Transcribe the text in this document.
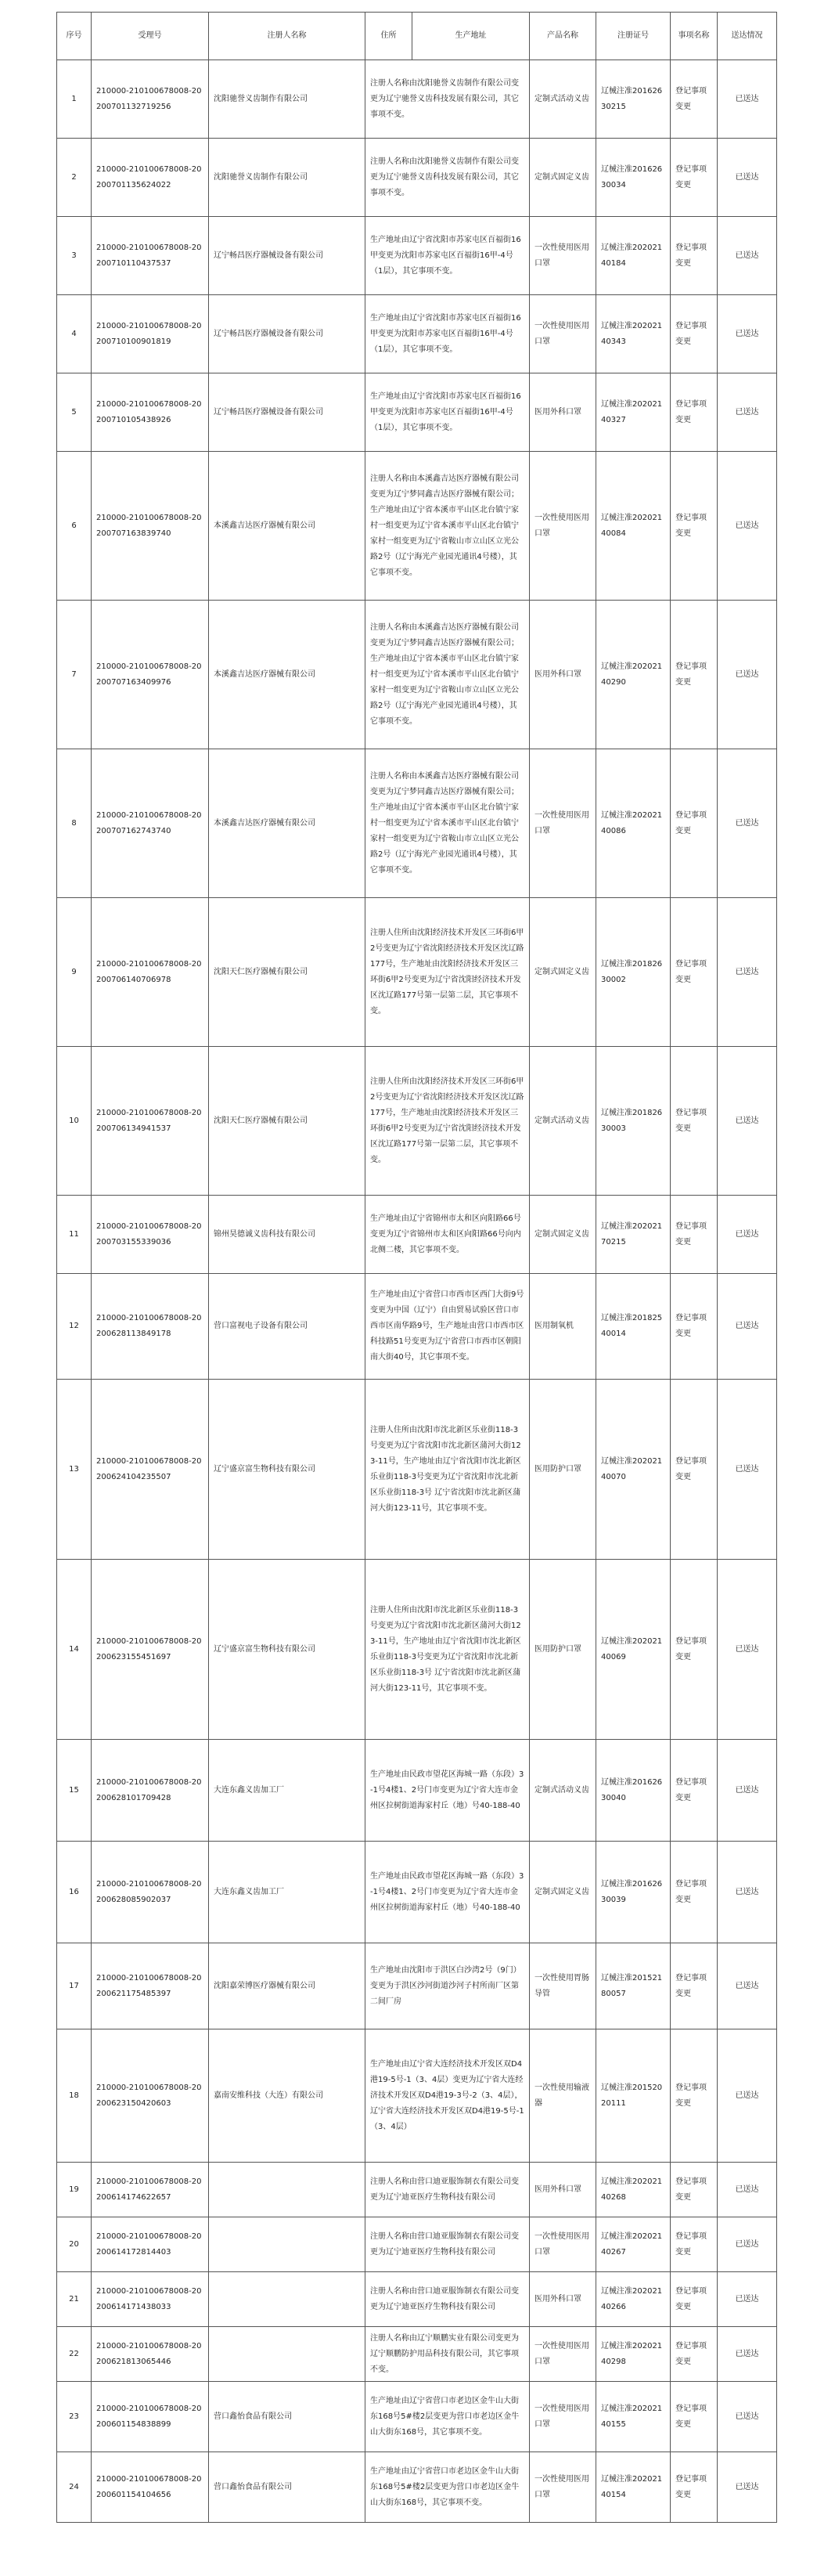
序号	受理号	注册人名称	住所	生产地址	产品名称	注册证号	事项名称	送达情况
1	210000-210100678008-20200701132719256	沈阳驰誉义齿制作有限公司	注册人名称由沈阳驰誉义齿制作有限公司变更为辽宁驰誉义齿科技发展有限公司，其它事项不变。		定制式活动义齿	辽械注准20162630215	登记事项变更	已送达
2	210000-210100678008-20200701135624022	沈阳驰誉义齿制作有限公司	注册人名称由沈阳驰誉义齿制作有限公司变更为辽宁驰誉义齿科技发展有限公司，其它事项不变。		定制式固定义齿	辽械注准20162630034	登记事项变更	已送达
3	210000-210100678008-20200710110437537	辽宁畅昌医疗器械设备有限公司	生产地址由辽宁省沈阳市苏家屯区百福街16甲变更为沈阳市苏家屯区百福街16甲-4号（1层），其它事项不变。		一次性使用医用口罩	辽械注准20202140184	登记事项变更	已送达
4	210000-210100678008-20200710100901819	辽宁畅昌医疗器械设备有限公司	生产地址由辽宁省沈阳市苏家屯区百福街16甲变更为沈阳市苏家屯区百福街16甲-4号（1层），其它事项不变。		一次性使用医用口罩	辽械注准20202140343	登记事项变更	已送达
5	210000-210100678008-20200710105438926	辽宁畅昌医疗器械设备有限公司	生产地址由辽宁省沈阳市苏家屯区百福街16甲变更为沈阳市苏家屯区百福街16甲-4号（1层），其它事项不变。		医用外科口罩	辽械注准20202140327	登记事项变更	已送达
6	210000-210100678008-20200707163839740	本溪鑫吉达医疗器械有限公司	注册人名称由本溪鑫吉达医疗器械有限公司变更为辽宁梦同鑫吉达医疗器械有限公司；生产地址由辽宁省本溪市平山区北台镇宁家村一组变更为辽宁省本溪市平山区北台镇宁家村一组变更为辽宁省鞍山市立山区立光公路2号（辽宁海光产业园光通讯4号楼），其它事项不变。		一次性使用医用口罩	辽械注准20202140084	登记事项变更	已送达
7	210000-210100678008-20200707163409976	本溪鑫吉达医疗器械有限公司	注册人名称由本溪鑫吉达医疗器械有限公司变更为辽宁梦同鑫吉达医疗器械有限公司；生产地址由辽宁省本溪市平山区北台镇宁家村一组变更为辽宁省本溪市平山区北台镇宁家村一组变更为辽宁省鞍山市立山区立光公路2号（辽宁海光产业园光通讯4号楼），其它事项不变。		医用外科口罩	辽械注准20202140290	登记事项变更	已送达
8	210000-210100678008-20200707162743740	本溪鑫吉达医疗器械有限公司	注册人名称由本溪鑫吉达医疗器械有限公司变更为辽宁梦同鑫吉达医疗器械有限公司；生产地址由辽宁省本溪市平山区北台镇宁家村一组变更为辽宁省本溪市平山区北台镇宁家村一组变更为辽宁省鞍山市立山区立光公路2号（辽宁海光产业园光通讯4号楼），其它事项不变。		一次性使用医用口罩	辽械注准20202140086	登记事项变更	已送达
9	210000-210100678008-20200706140706978	沈阳天仁医疗器械有限公司	注册人住所由沈阳经济技术开发区三环街6甲2号变更为辽宁省沈阳经济技术开发区沈辽路177号，生产地址由沈阳经济技术开发区三环街6甲2号变更为辽宁省沈阳经济技术开发区沈辽路177号第一层第二层，其它事项不变。		定制式固定义齿	辽械注准20182630002	登记事项变更	已送达
10	210000-210100678008-20200706134941537	沈阳天仁医疗器械有限公司	注册人住所由沈阳经济技术开发区三环街6甲2号变更为辽宁省沈阳经济技术开发区沈辽路177号，生产地址由沈阳经济技术开发区三环街6甲2号变更为辽宁省沈阳经济技术开发区沈辽路177号第一层第二层，其它事项不变。		定制式活动义齿	辽械注准20182630003	登记事项变更	已送达
11	210000-210100678008-20200703155339036	锦州昊德诚义齿科技有限公司	生产地址由辽宁省锦州市太和区向阳路66号变更为辽宁省锦州市太和区向阳路66号向内北侧二楼，其它事项不变。		定制式固定义齿	辽械注准20202170215	登记事项变更	已送达
12	210000-210100678008-20200628113849178	营口富视电子设备有限公司	生产地址由辽宁省营口市西市区西门大街9号变更为中国（辽宁）自由贸易试验区营口市西市区南华路9号，生产地址由营口市西市区科技路51号变更为辽宁省营口市西市区朝阳南大街40号，其它事项不变。		医用制氧机	辽械注准20182540014	登记事项变更	已送达
13	210000-210100678008-20200624104235507	辽宁盛京富生物科技有限公司	注册人住所由沈阳市沈北新区乐业街118-3号变更为辽宁省沈阳市沈北新区蒲河大街123-11号，生产地址由辽宁省沈阳市沈北新区乐业街118-3号变更为辽宁省沈阳市沈北新区乐业街118-3号 辽宁省沈阳市沈北新区蒲河大街123-11号，其它事项不变。		医用防护口罩	辽械注准20202140070	登记事项变更	已送达
14	210000-210100678008-20200623155451697	辽宁盛京富生物科技有限公司	注册人住所由沈阳市沈北新区乐业街118-3号变更为辽宁省沈阳市沈北新区蒲河大街123-11号，生产地址由辽宁省沈阳市沈北新区乐业街118-3号变更为辽宁省沈阳市沈北新区乐业街118-3号 辽宁省沈阳市沈北新区蒲河大街123-11号，其它事项不变。		医用防护口罩	辽械注准20202140069	登记事项变更	已送达
15	210000-210100678008-20200628101709428	大连东鑫义齿加工厂	生产地址由民政市望花区海城一路（东段）3-1号4楼1、2号门市变更为辽宁省大连市金州区拉树街道海家村丘（地）号40-188-40		定制式活动义齿	辽械注准20162630040	登记事项变更	已送达
16	210000-210100678008-20200628085902037	大连东鑫义齿加工厂	生产地址由民政市望花区海城一路（东段）3-1号4楼1、2号门市变更为辽宁省大连市金州区拉树街道海家村丘（地）号40-188-40		定制式固定义齿	辽械注准20162630039	登记事项变更	已送达
17	210000-210100678008-20200621175485397	沈阳嘉荣博医疗器械有限公司	生产地址由沈阳市于洪区白沙湾2号（9门）变更为于洪区沙河街道沙河子村所南厂区第二间厂房		一次性使用胃肠导管	辽械注准20152180057	登记事项变更	已送达
18	210000-210100678008-20200623150420603	嘉南安维科技（大连）有限公司	生产地址由辽宁省大连经济技术开发区双D4港19-5号-1（3、4层）变更为辽宁省大连经济技术开发区双D4港19-3号-2（3、4层），辽宁省大连经济技术开发区双D4港19-5号-1（3、4层）		一次性使用输液器	辽械注准20152020111	登记事项变更	已送达
19	210000-210100678008-20200614174622657		注册人名称由营口迪亚服饰制衣有限公司变更为辽宁迪亚医疗生物科技有限公司		医用外科口罩	辽械注准20202140268	登记事项变更	已送达
20	210000-210100678008-20200614172814403		注册人名称由营口迪亚服饰制衣有限公司变更为辽宁迪亚医疗生物科技有限公司		一次性使用医用口罩	辽械注准20202140267	登记事项变更	已送达
21	210000-210100678008-20200614171438033		注册人名称由营口迪亚服饰制衣有限公司变更为辽宁迪亚医疗生物科技有限公司		医用外科口罩	辽械注准20202140266	登记事项变更	已送达
22	210000-210100678008-20200621813065446		注册人名称由辽宁顺鹏实业有限公司变更为辽宁顺鹏防护用品科技有限公司，其它事项不变。		一次性使用医用口罩	辽械注准20202140298	登记事项变更	已送达
23	210000-210100678008-20200601154838899	营口鑫怡食品有限公司	生产地址由辽宁省营口市老边区金牛山大街东168号5#楼2层变更为营口市老边区金牛山大街东168号，其它事项不变。		一次性使用医用口罩	辽械注准20202140155	登记事项变更	已送达
24	210000-210100678008-20200601154104656	营口鑫怡食品有限公司	生产地址由辽宁省营口市老边区金牛山大街东168号5#楼2层变更为营口市老边区金牛山大街东168号，其它事项不变。		一次性使用医用口罩	辽械注准20202140154	登记事项变更	已送达
